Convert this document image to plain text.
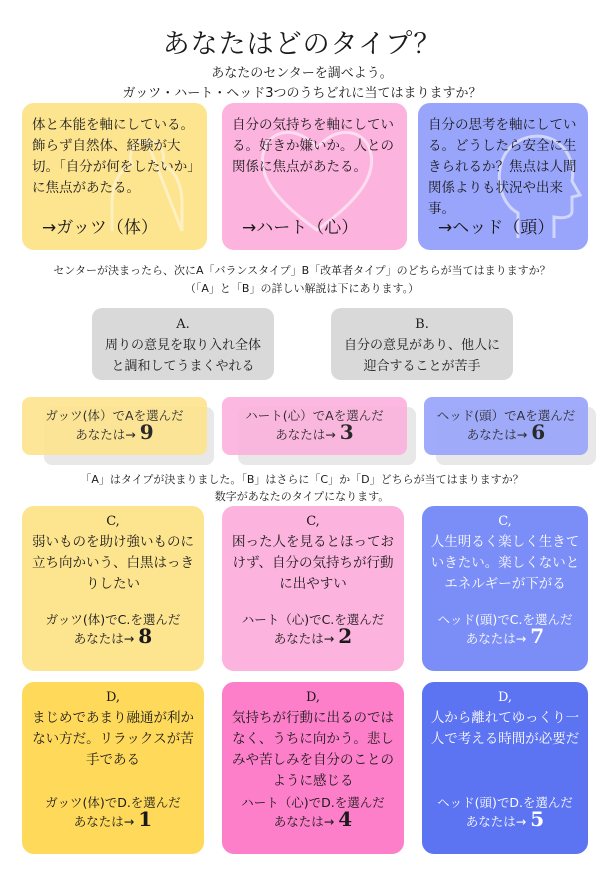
あなたはどのタイプ？
あなたのセンターを調べよう。
ガッツ・ハート・ヘッド3つのうちどれに当てはまりますか？
体と本能を軸にしている。飾らず自然体、経験が大切。「自分が何をしたいか」に焦点があたる。
→ガッツ（体）
自分の気持ちを軸にしている。好きか嫌いか。人との関係に焦点があたる。
→ハート（心）
自分の思考を軸にしている。どうしたら安全に生きられるか？焦点は人間関係よりも状況や出来事。
→ヘッド（頭）
センターが決まったら、次にA「バランスタイプ」B「改革者タイプ」のどちらが当てはまりますか？
（「A」と「B」の詳しい解説は下にあります。）
A.
周りの意見を取り入れ全体と調和してうまくやれる
B.
自分の意見があり、他人に迎合することが苦手
ガッツ(体）でAを選んだ
あなたは→ 9
ハート(心）でAを選んだ
あなたは→ 3
ヘッド(頭）でAを選んだ
あなたは→ 6
「A」はタイプが決まりました。「B」はさらに「C」か「D」どちらが当てはまりますか？
数字があなたのタイプになります。
C,
弱いものを助け強いものに立ち向かいう、白黒はっきりしたい
ガッツ(体)でC.を選んだ
あなたは→ 8
C,
困った人を見るとほっておけず、自分の気持ちが行動に出やすい
ハート（心)でC.を選んだ
あなたは→ 2
C,
人生明るく楽しく生きていきたい。楽しくないとエネルギーが下がる
ヘッド(頭)でC.を選んだ
あなたは→ 7
D,
まじめであまり融通が利かない方だ。リラックスが苦手である
ガッツ(体)でD.を選んだ
あなたは→ 1
D,
気持ちが行動に出るのではなく、うちに向かう。悲しみや苦しみを自分のことのように感じる
ハート（心)でD.を選んだ
あなたは→ 4
D,
人から離れてゆっくり一人で考える時間が必要だ
ヘッド(頭)でD.を選んだ
あなたは→ 5
